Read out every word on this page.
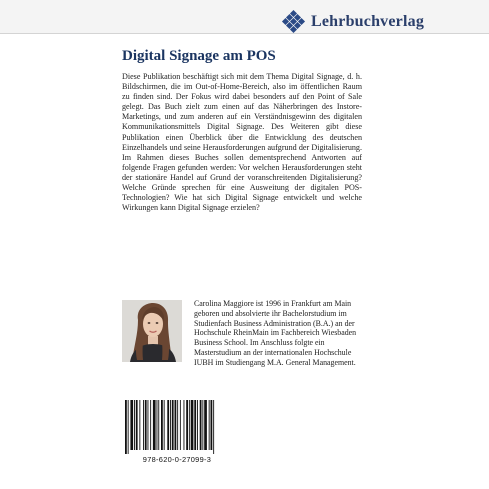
Lehrbuchverlag
Digital Signage am POS

Diese Publikation beschäftigt sich mit dem Thema Digital Signage, d. h. Bildschirmen, die im Out-of-Home-Bereich, also im öffentlichen Raum zu finden sind. Der Fokus wird dabei besonders auf den Point of Sale gelegt. Das Buch zielt zum einen auf das Näherbringen des Instore-Marketings, und zum anderen auf ein Verständnisgewinn des digitalen Kommunikationsmittels Digital Signage. Des Weiteren gibt diese Publikation einen Überblick über die Entwicklung des deutschen Einzelhandels und seine Herausforderungen aufgrund der Digitalisierung. Im Rahmen dieses Buches sollen dementsprechend Antworten auf folgende Fragen gefunden werden: Vor welchen Herausforderungen steht der stationäre Handel auf Grund der voranschreitenden Digitalisierung? Welche Gründe sprechen für eine Ausweitung der digitalen POS-Technologien? Wie hat sich Digital Signage entwickelt und welche Wirkungen kann Digital Signage erzielen?

Carolina Maggiore ist 1996 in Frankfurt am Main geboren und absolvierte ihr Bachelorstudium im Studienfach Business Administration (B.A.) an der Hochschule RheinMain im Fachbereich Wiesbaden Business School. Im Anschluss folgte ein Masterstudium an der internationalen Hochschule IUBH im Studiengang M.A. General Management.

978-620-0-27099-3
